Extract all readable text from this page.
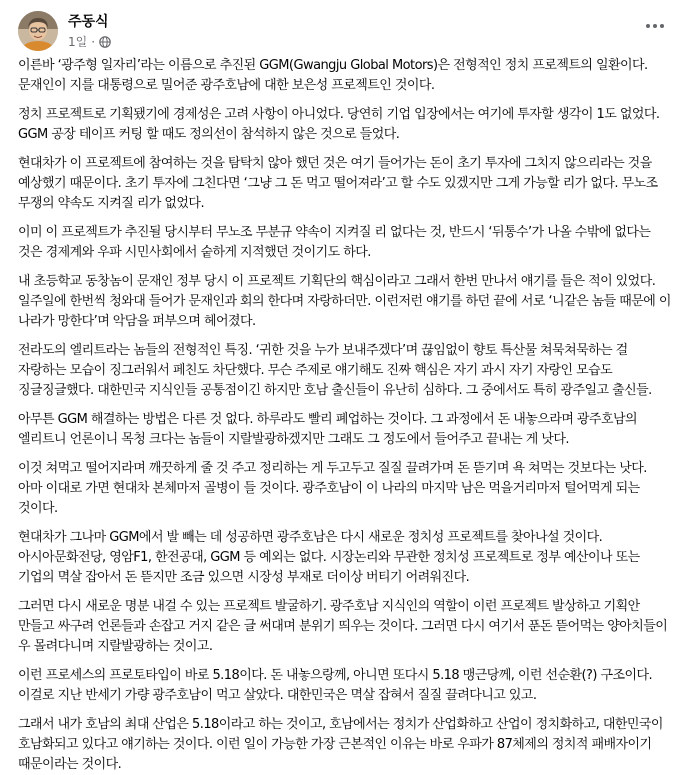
주동식
1일 ·

이른바 ‘광주형 일자리’라는 이름으로 추진된 GGM(Gwangju Global Motors)은 전형적인 정치 프로젝트의 일환이다. 문재인이 지를 대통령으로 밀어준 광주호남에 대한 보은성 프로젝트인 것이다.

정치 프로젝트로 기획됐기에 경제성은 고려 사항이 아니었다. 당연히 기업 입장에서는 여기에 투자할 생각이 1도 없었다. GGM 공장 테이프 커팅 할 때도 정의선이 참석하지 않은 것으로 들었다.

현대차가 이 프로젝트에 참여하는 것을 탐탁치 않아 했던 것은 여기 들어가는 돈이 초기 투자에 그치지 않으리라는 것을 예상했기 때문이다. 초기 투자에 그친다면 ‘그냥 그 돈 먹고 떨어져라’고 할 수도 있겠지만 그게 가능할 리가 없다. 무노조 무쟁의 약속도 지켜질 리가 없었다.

이미 이 프로젝트가 추진될 당시부터 무노조 무분규 약속이 지켜질 리 없다는 것, 반드시 ‘뒤통수’가 나올 수밖에 없다는 것은 경제계와 우파 시민사회에서 숱하게 지적했던 것이기도 하다.

내 초등학교 동창놈이 문재인 정부 당시 이 프로젝트 기획단의 핵심이라고 그래서 한번 만나서 얘기를 들은 적이 있었다. 일주일에 한번씩 청와대 들어가 문재인과 회의 한다며 자랑하더만. 이런저런 얘기를 하던 끝에 서로 ‘니같은 놈들 때문에 이 나라가 망한다’며 악담을 퍼부으며 헤어졌다.

전라도의 엘리트라는 놈들의 전형적인 특징. ‘귀한 것을 누가 보내주겠다’며 끊임없이 향토 특산물 쳐묵쳐묵하는 걸 자랑하는 모습이 징그러워서 페친도 차단했다. 무슨 주제로 얘기해도 진짜 핵심은 자기 과시 자기 자랑인 모습도 징글징글했다. 대한민국 지식인들 공통점이긴 하지만 호남 출신들이 유난히 심하다. 그 중에서도 특히 광주일고 출신들.

아무튼 GGM 해결하는 방법은 다른 것 없다. 하루라도 빨리 폐업하는 것이다. 그 과정에서 돈 내놓으라며 광주호남의 엘리트니 언론이니 목청 크다는 놈들이 지랄발광하겠지만 그래도 그 정도에서 들어주고 끝내는 게 낫다.

이것 쳐먹고 떨어지라며 깨끗하게 줄 것 주고 정리하는 게 두고두고 질질 끌려가며 돈 뜯기며 욕 쳐먹는 것보다는 낫다. 아마 이대로 가면 현대차 본체마저 골병이 들 것이다. 광주호남이 이 나라의 마지막 남은 먹을거리마저 털어먹게 되는 것이다.

현대차가 그나마 GGM에서 발 빼는 데 성공하면 광주호남은 다시 새로운 정치성 프로젝트를 찾아나설 것이다. 아시아문화전당, 영암F1, 한전공대, GGM 등 예외는 없다. 시장논리와 무관한 정치성 프로젝트로 정부 예산이나 또는 기업의 멱살 잡아서 돈 뜯지만 조금 있으면 시장성 부재로 더이상 버티기 어려워진다.

그러면 다시 새로운 명분 내걸 수 있는 프로젝트 발굴하기. 광주호남 지식인의 역할이 이런 프로젝트 발상하고 기획안 만들고 싸구려 언론들과 손잡고 거지 같은 글 써대며 분위기 띄우는 것이다. 그러면 다시 여기서 푼돈 뜯어먹는 양아치들이 우 몰려다니며 지랄발광하는 것이고.

이런 프로세스의 프로토타입이 바로 5.18이다. 돈 내놓으랑께, 아니면 또다시 5.18 맹근당께, 이런 선순환(?) 구조이다. 이걸로 지난 반세기 가량 광주호남이 먹고 살았다. 대한민국은 멱살 잡혀서 질질 끌려다니고 있고.

그래서 내가 호남의 최대 산업은 5.18이라고 하는 것이고, 호남에서는 정치가 산업화하고 산업이 정치화하고, 대한민국이 호남화되고 있다고 얘기하는 것이다. 이런 일이 가능한 가장 근본적인 이유는 바로 우파가 87체제의 정치적 패배자이기 때문이라는 것이다.
